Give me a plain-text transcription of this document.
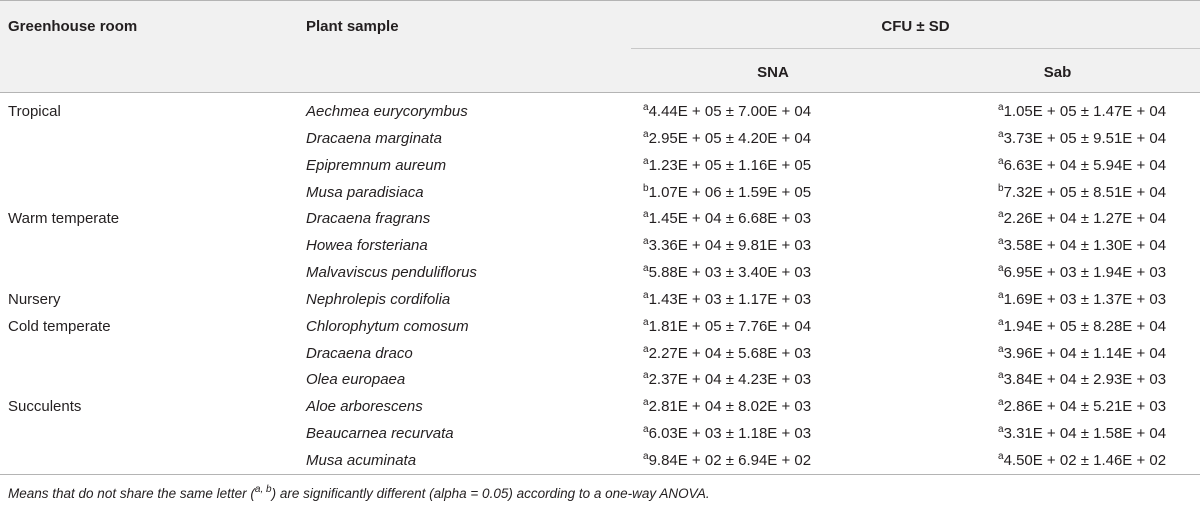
Greenhouse room	Plant sample	CFU ± SD
SNA	Sab
Tropical	Aechmea eurycorymbus	$^a$4.44E + 05 ± 7.00E + 04	$^a$1.05E + 05 ± 1.47E + 04
Dracaena marginata	$^a$2.95E + 05 ± 4.20E + 04	$^a$3.73E + 05 ± 9.51E + 04
Epipremnum aureum	$^a$1.23E + 05 ± 1.16E + 05	$^a$6.63E + 04 ± 5.94E + 04
Musa paradisiaca	$^b$1.07E + 06 ± 1.59E + 05	$^b$7.32E + 05 ± 8.51E + 04
Warm temperate	Dracaena fragrans	$^a$1.45E + 04 ± 6.68E + 03	$^a$2.26E + 04 ± 1.27E + 04
Howea forsteriana	$^a$3.36E + 04 ± 9.81E + 03	$^a$3.58E + 04 ± 1.30E + 04
Malvaviscus penduliflorus	$^a$5.88E + 03 ± 3.40E + 03	$^a$6.95E + 03 ± 1.94E + 03
Nursery	Nephrolepis cordifolia	$^a$1.43E + 03 ± 1.17E + 03	$^a$1.69E + 03 ± 1.37E + 03
Cold temperate	Chlorophytum comosum	$^a$1.81E + 05 ± 7.76E + 04	$^a$1.94E + 05 ± 8.28E + 04
Dracaena draco	$^a$2.27E + 04 ± 5.68E + 03	$^a$3.96E + 04 ± 1.14E + 04
Olea europaea	$^a$2.37E + 04 ± 4.23E + 03	$^a$3.84E + 04 ± 2.93E + 03
Succulents	Aloe arborescens	$^a$2.81E + 04 ± 8.02E + 03	$^a$2.86E + 04 ± 5.21E + 03
Beaucarnea recurvata	$^a$6.03E + 03 ± 1.18E + 03	$^a$3.31E + 04 ± 1.58E + 04
Musa acuminata	$^a$9.84E + 02 ± 6.94E + 02	$^a$4.50E + 02 ± 1.46E + 02
Means that do not share the same letter ($^{a, b}$) are significantly different (alpha = 0.05) according to a one-way ANOVA.
